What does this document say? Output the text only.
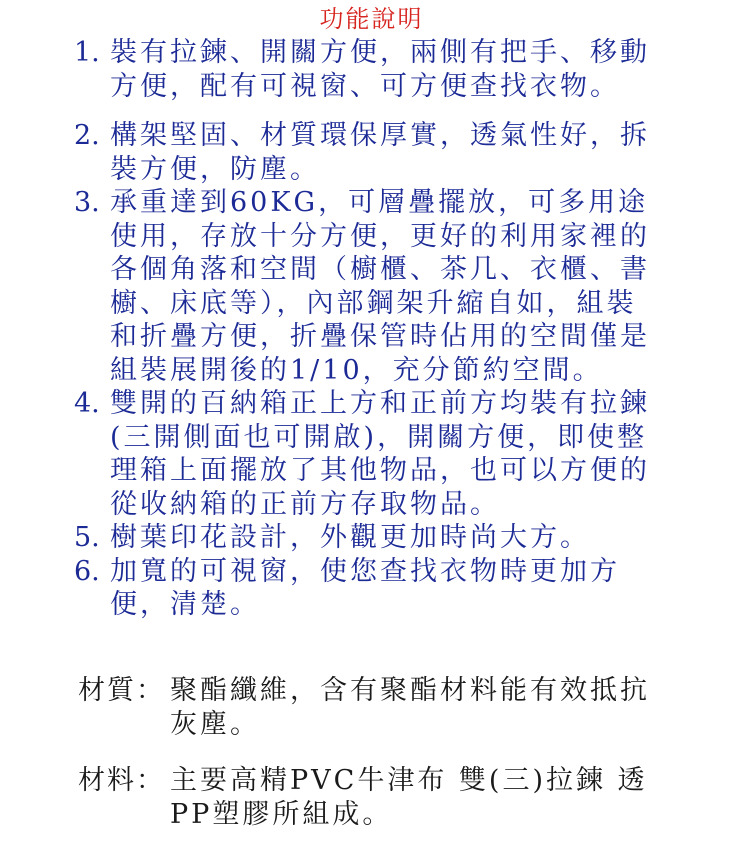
功能說明
1. 裝有拉鍊、開關方便，兩側有把手、移動方便，配有可視窗、可方便查找衣物。
2. 構架堅固、材質環保厚實，透氣性好，拆裝方便，防塵。
3. 承重達到60KG，可層疊擺放，可多用途使用，存放十分方便，更好的利用家裡的各個角落和空間（櫥櫃、茶几、衣櫃、書櫥、床底等），內部鋼架升縮自如，組裝和折疊方便，折疊保管時佔用的空間僅是組裝展開後的1/10，充分節約空間。
4. 雙開的百納箱正上方和正前方均裝有拉鍊(三開側面也可開啟)，開關方便，即使整理箱上面擺放了其他物品，也可以方便的從收納箱的正前方存取物品。
5. 樹葉印花設計，外觀更加時尚大方。
6. 加寬的可視窗，使您查找衣物時更加方便，清楚。
材質： 聚酯纖維，含有聚酯材料能有效抵抗灰塵。
材料： 主要高精PVC牛津布 雙(三)拉鍊 透PP塑膠所組成。
